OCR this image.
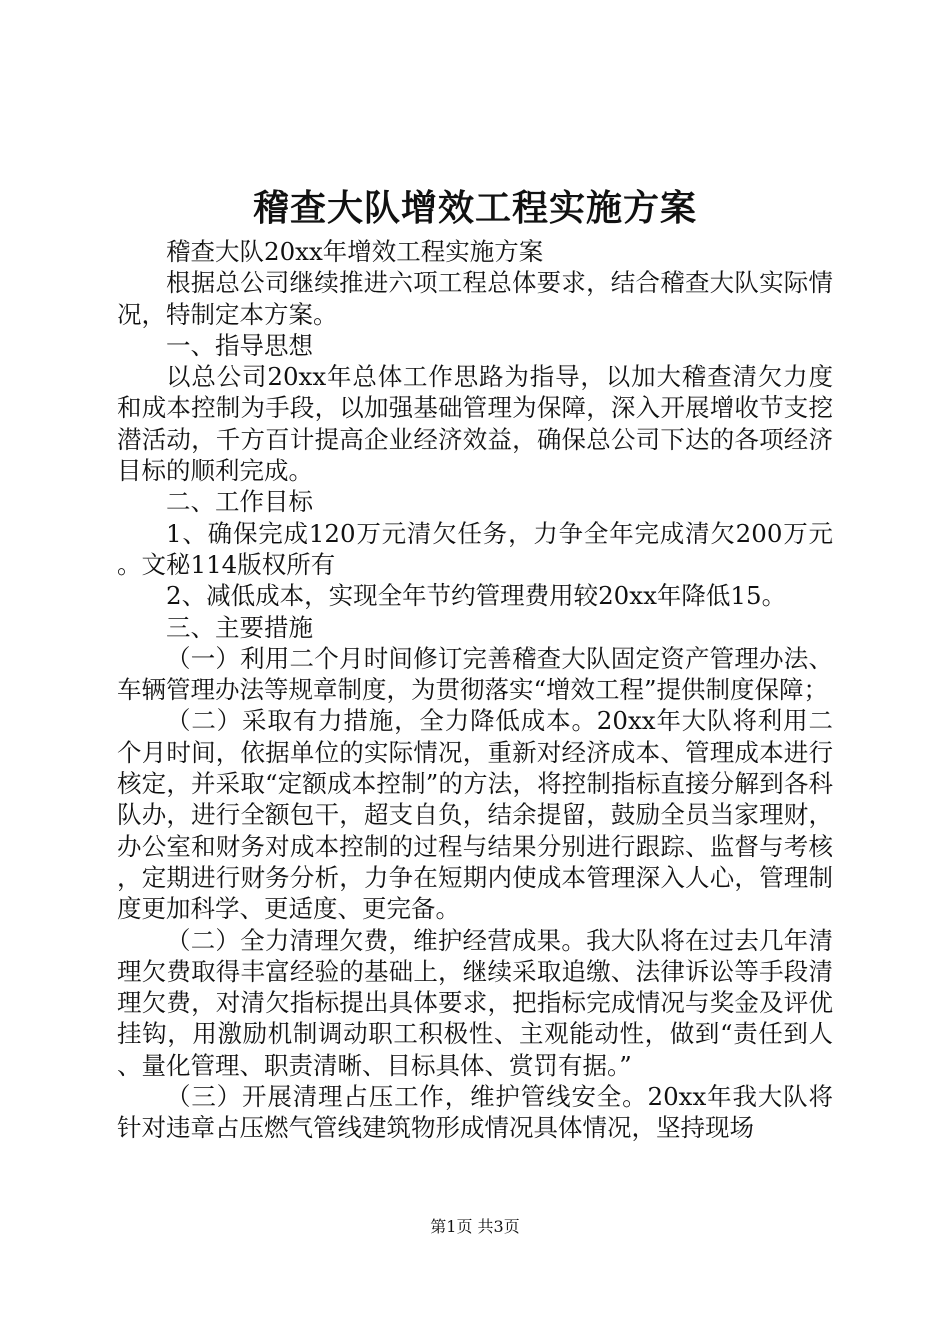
稽查大队增效工程实施方案

稽查大队20xx年增效工程实施方案

根据总公司继续推进六项工程总体要求，结合稽查大队实际情况，特制定本方案。

一、指导思想

以总公司20xx年总体工作思路为指导，以加大稽查清欠力度和成本控制为手段，以加强基础管理为保障，深入开展增收节支挖潜活动，千方百计提高企业经济效益，确保总公司下达的各项经济目标的顺利完成。

二、工作目标

1、确保完成120万元清欠任务，力争全年完成清欠200万元。文秘114版权所有

2、减低成本，实现全年节约管理费用较20xx年降低15。

三、主要措施

（一）利用二个月时间修订完善稽查大队固定资产管理办法、车辆管理办法等规章制度，为贯彻落实“增效工程”提供制度保障；

（二）采取有力措施，全力降低成本。20xx年大队将利用二个月时间，依据单位的实际情况，重新对经济成本、管理成本进行核定，并采取“定额成本控制”的方法，将控制指标直接分解到各科队办，进行全额包干，超支自负，结余提留，鼓励全员当家理财，办公室和财务对成本控制的过程与结果分别进行跟踪、监督与考核，定期进行财务分析，力争在短期内使成本管理深入人心，管理制度更加科学、更适度、更完备。

（二）全力清理欠费，维护经营成果。我大队将在过去几年清理欠费取得丰富经验的基础上，继续采取追缴、法律诉讼等手段清理欠费，对清欠指标提出具体要求，把指标完成情况与奖金及评优挂钩，用激励机制调动职工积极性、主观能动性，做到“责任到人、量化管理、职责清晰、目标具体、赏罚有据。”

（三）开展清理占压工作，维护管线安全。20xx年我大队将针对违章占压燃气管线建筑物形成情况具体情况，坚持现场

第1页 共3页
